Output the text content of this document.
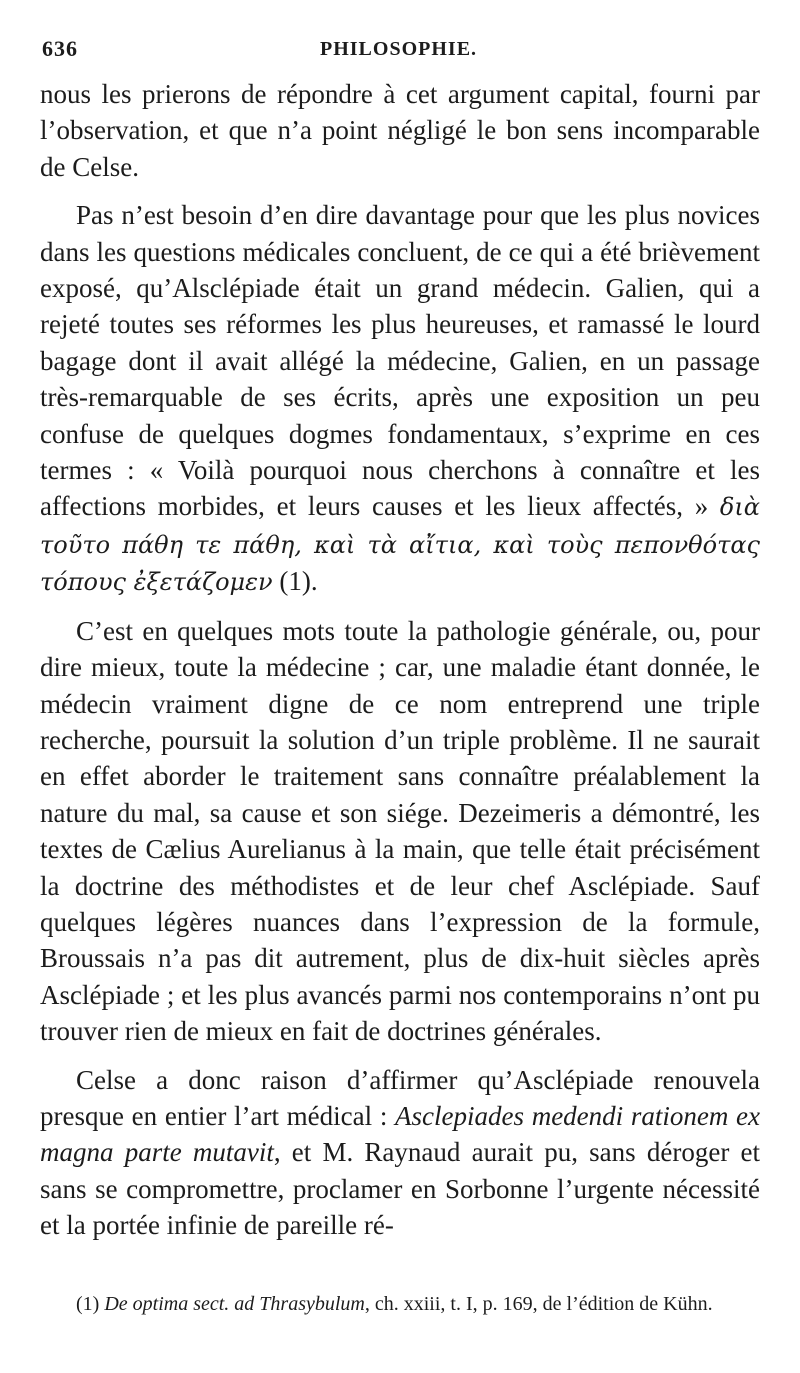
636	PHILOSOPHIE.

nous les prierons de répondre à cet argument capital, fourni par l’observation, et que n’a point négligé le bon sens incomparable de Celse.

Pas n’est besoin d’en dire davantage pour que les plus novices dans les questions médicales concluent, de ce qui a été brièvement exposé, qu’Alsclépiade était un grand médecin. Galien, qui a rejeté toutes ses réformes les plus heureuses, et ramassé le lourd bagage dont il avait allégé la médecine, Galien, en un passage très-remarquable de ses écrits, après une exposition un peu confuse de quelques dogmes fondamentaux, s’exprime en ces termes : « Voilà pourquoi nous cherchons à connaître et les affections morbides, et leurs causes et les lieux affectés, » διὰ τοῦτο πάθη τε πάθη, καὶ τὰ αἴτια, καὶ τοὺς πεπονθότας τόπους ἐξετάζομεν (1).

C’est en quelques mots toute la pathologie générale, ou, pour dire mieux, toute la médecine ; car, une maladie étant donnée, le médecin vraiment digne de ce nom entreprend une triple recherche, poursuit la solution d’un triple problème. Il ne saurait en effet aborder le traitement sans connaître préalablement la nature du mal, sa cause et son siége. Dezeimeris a démontré, les textes de Cælius Aurelianus à la main, que telle était précisément la doctrine des méthodistes et de leur chef Asclépiade. Sauf quelques légères nuances dans l’expression de la formule, Broussais n’a pas dit autrement, plus de dix-huit siècles après Asclépiade ; et les plus avancés parmi nos contemporains n’ont pu trouver rien de mieux en fait de doctrines générales.

Celse a donc raison d’affirmer qu’Asclépiade renouvela presque en entier l’art médical : Asclepiades medendi rationem ex magna parte mutavit, et M. Raynaud aurait pu, sans déroger et sans se compromettre, proclamer en Sorbonne l’urgente nécessité et la portée infinie de pareille ré-

(1) De optima sect. ad Thrasybulum, ch. xxiii, t. I, p. 169, de l’édition de Kühn.
